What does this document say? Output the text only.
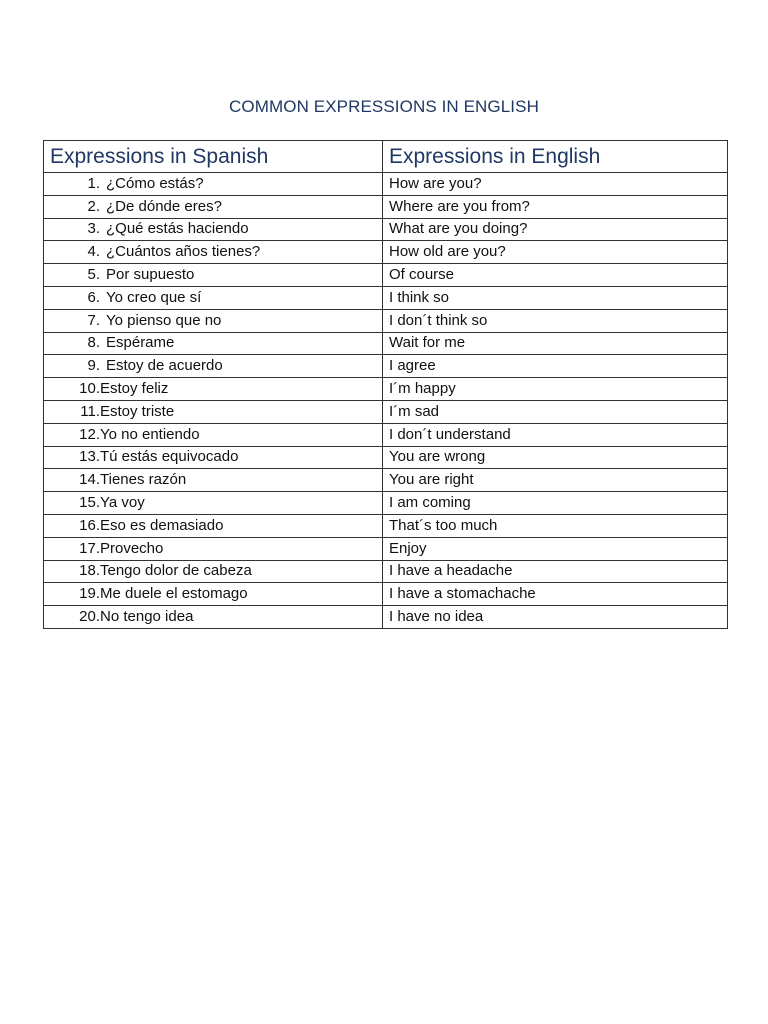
COMMON EXPRESSIONS IN ENGLISH
Expressions in Spanish	Expressions in English
1. ¿Cómo estás?	How are you?
2. ¿De dónde eres?	Where are you from?
3. ¿Qué estás haciendo	What are you doing?
4. ¿Cuántos años tienes?	How old are you?
5. Por supuesto	Of course
6. Yo creo que sí	I think so
7. Yo pienso que no	I don´t think so
8. Espérame	Wait for me
9. Estoy de acuerdo	I agree
10.Estoy feliz	I´m happy
11.Estoy triste	I´m sad
12.Yo no entiendo	I don´t understand
13.Tú estás equivocado	You are wrong
14.Tienes razón	You are right
15.Ya voy	I am coming
16.Eso es demasiado	That´s too much
17.Provecho	Enjoy
18.Tengo dolor de cabeza	I have a headache
19.Me duele el estomago	I have a stomachache
20.No tengo idea	I have no idea
